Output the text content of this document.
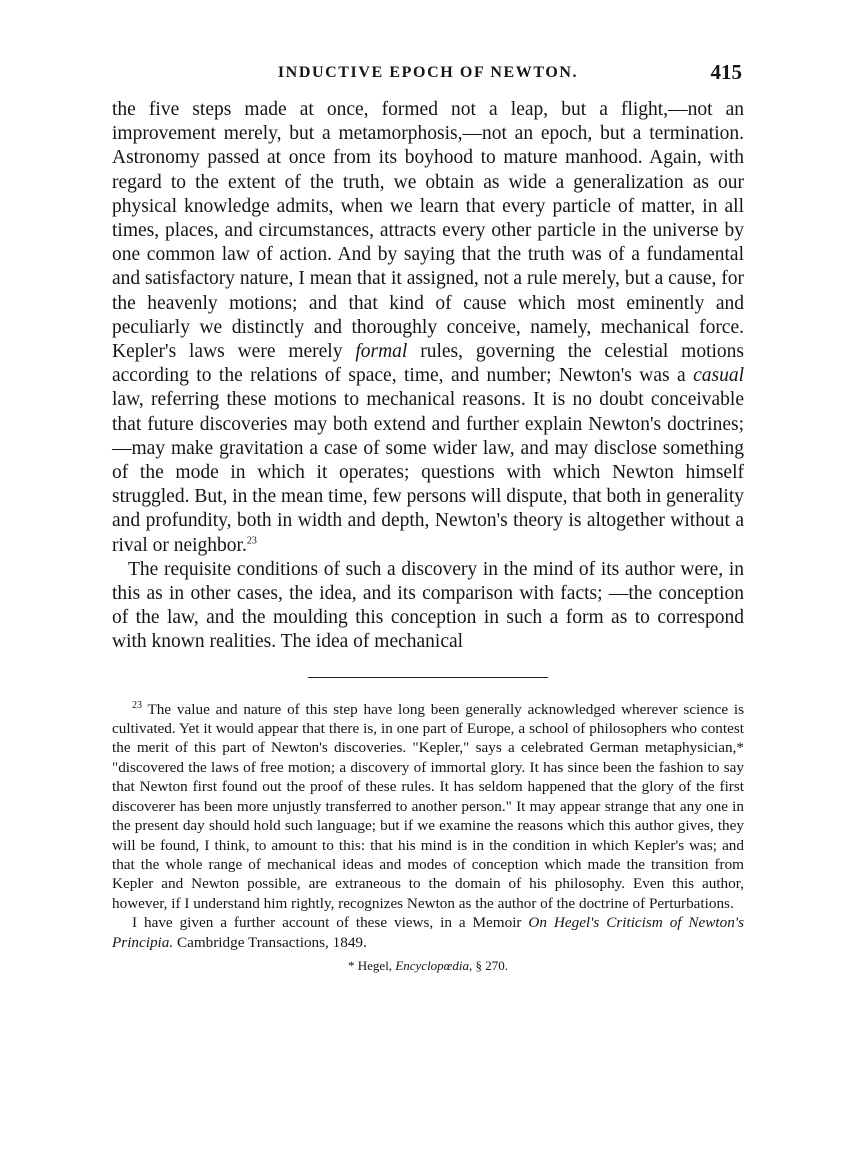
INDUCTIVE EPOCH OF NEWTON.	415

the five steps made at once, formed not a leap, but a flight,—not an improvement merely, but a metamorphosis,—not an epoch, but a termination. Astronomy passed at once from its boyhood to mature manhood. Again, with regard to the extent of the truth, we obtain as wide a generalization as our physical knowledge admits, when we learn that every particle of matter, in all times, places, and circumstances, attracts every other particle in the universe by one common law of action. And by saying that the truth was of a fundamental and satisfactory nature, I mean that it assigned, not a rule merely, but a cause, for the heavenly motions; and that kind of cause which most eminently and peculiarly we distinctly and thoroughly conceive, namely, mechanical force. Kepler's laws were merely formal rules, governing the celestial motions according to the relations of space, time, and number; Newton's was a casual law, referring these motions to mechanical reasons. It is no doubt conceivable that future discoveries may both extend and further explain Newton's doctrines;—may make gravitation a case of some wider law, and may disclose something of the mode in which it operates; questions with which Newton himself struggled. But, in the mean time, few persons will dispute, that both in generality and profundity, both in width and depth, Newton's theory is altogether without a rival or neighbor.$^{23}$

The requisite conditions of such a discovery in the mind of its author were, in this as in other cases, the idea, and its comparison with facts; —the conception of the law, and the moulding this conception in such a form as to correspond with known realities. The idea of mechanical

$^{23}$ The value and nature of this step have long been generally acknowledged wherever science is cultivated. Yet it would appear that there is, in one part of Europe, a school of philosophers who contest the merit of this part of Newton's discoveries. "Kepler," says a celebrated German metaphysician,* "discovered the laws of free motion; a discovery of immortal glory. It has since been the fashion to say that Newton first found out the proof of these rules. It has seldom happened that the glory of the first discoverer has been more unjustly transferred to another person." It may appear strange that any one in the present day should hold such language; but if we examine the reasons which this author gives, they will be found, I think, to amount to this: that his mind is in the condition in which Kepler's was; and that the whole range of mechanical ideas and modes of conception which made the transition from Kepler and Newton possible, are extraneous to the domain of his philosophy. Even this author, however, if I understand him rightly, recognizes Newton as the author of the doctrine of Perturbations.

I have given a further account of these views, in a Memoir On Hegel's Criticism of Newton's Principia. Cambridge Transactions, 1849.

* Hegel, Encyclopœdia, § 270.
